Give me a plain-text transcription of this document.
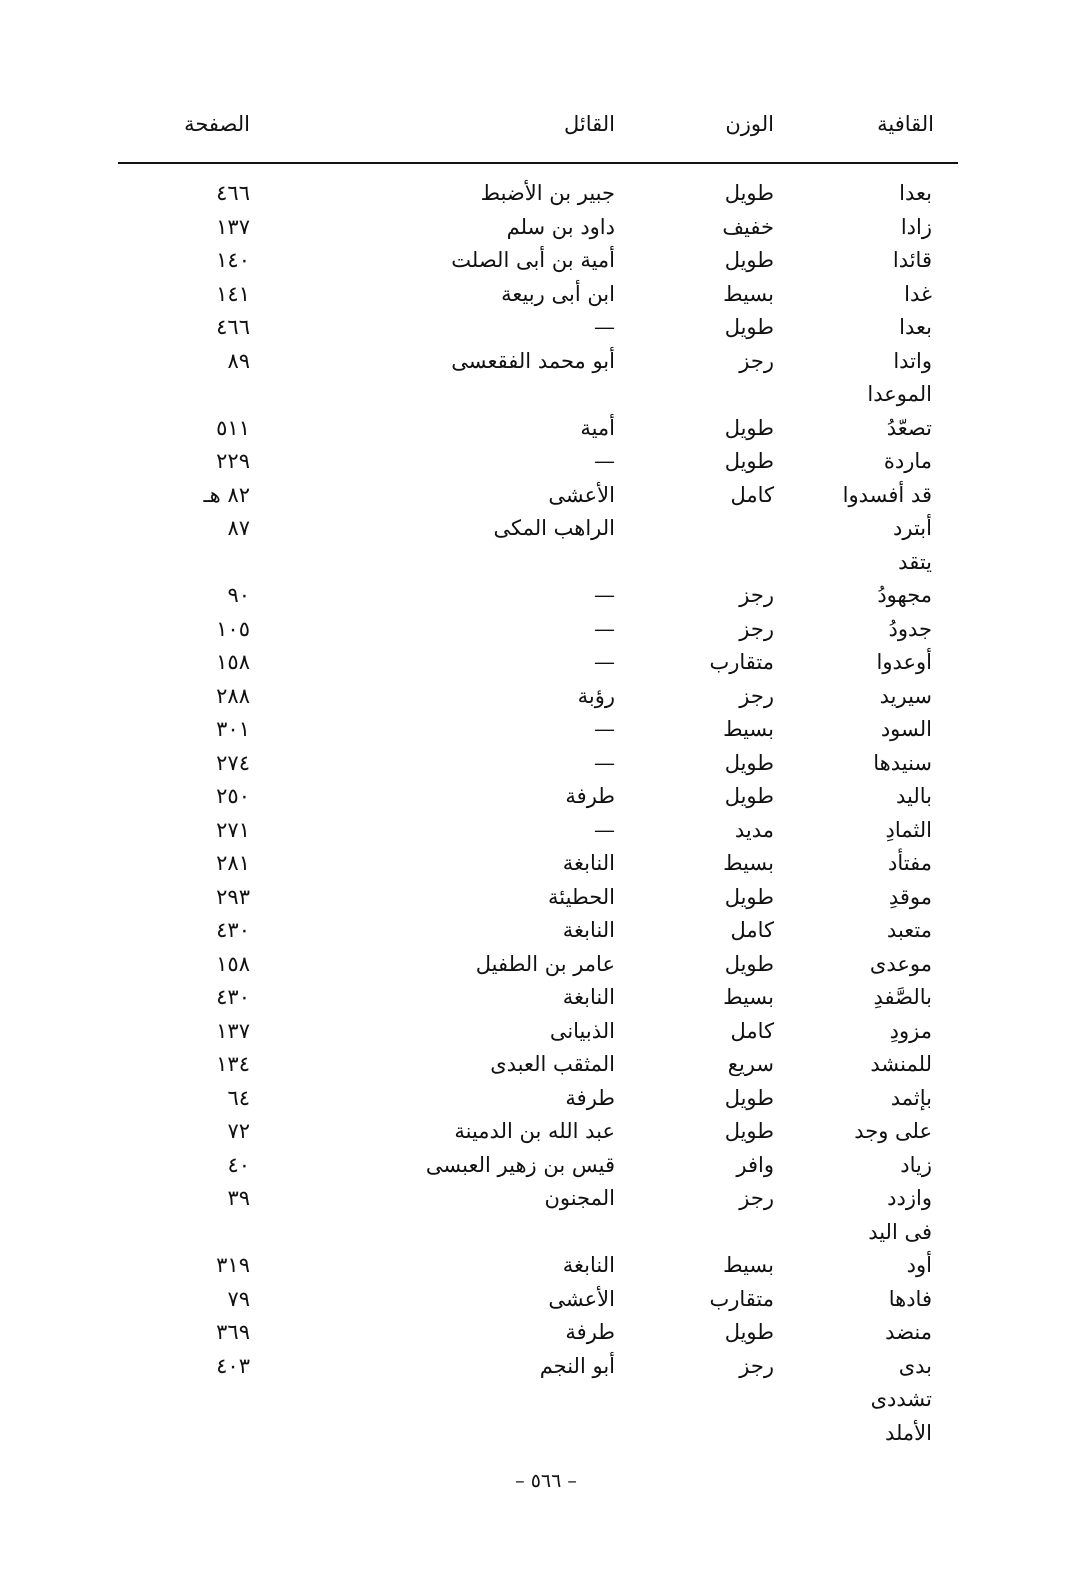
القافية
الوزن
القائل
الصفحة
بعدا
طويل
جبير بن الأضبط
٤٦٦
زادا
خفيف
داود بن سلم
١٣٧
قائدا
طويل
أمية بن أبى الصلت
١٤٠
غدا
بسيط
ابن أبى ربيعة
١٤١
بعدا
طويل
—
٤٦٦
واتدا
رجز
أبو محمد الفقعسى
٨٩
الموعدا
تصعّدُ
طويل
أمية
٥١١
ماردة
طويل
—
٢٢٩
قد أفسدوا
كامل
الأعشى
٨٢ هـ
أبترد
الراهب المكى
٨٧
يتقد
مجهودُ
رجز
—
٩٠
جدودُ
رجز
—
١٠٥
أوعدوا
متقارب
—
١٥٨
سيريد
رجز
رؤبة
٢٨٨
السود
بسيط
—
٣٠١
سنيدها
طويل
—
٢٧٤
باليد
طويل
طرفة
٢٥٠
الثمادِ
مديد
—
٢٧١
مفتأد
بسيط
النابغة
٢٨١
موقدِ
طويل
الحطيئة
٢٩٣
متعبد
كامل
النابغة
٤٣٠
موعدى
طويل
عامر بن الطفيل
١٥٨
بالصَّفدِ
بسيط
النابغة
٤٣٠
مزودِ
كامل
الذبيانى
١٣٧
للمنشد
سريع
المثقب العبدى
١٣٤
بإثمد
طويل
طرفة
٦٤
على وجد
طويل
عبد الله بن الدمينة
٧٢
زياد
وافر
قيس بن زهير العبسى
٤٠
وازدد
رجز
المجنون
٣٩
فى اليد
أود
بسيط
النابغة
٣١٩
فادها
متقارب
الأعشى
٧٩
منضد
طويل
طرفة
٣٦٩
بدى
رجز
أبو النجم
٤٠٣
تشددى
الأملد
– ٥٦٦ –
